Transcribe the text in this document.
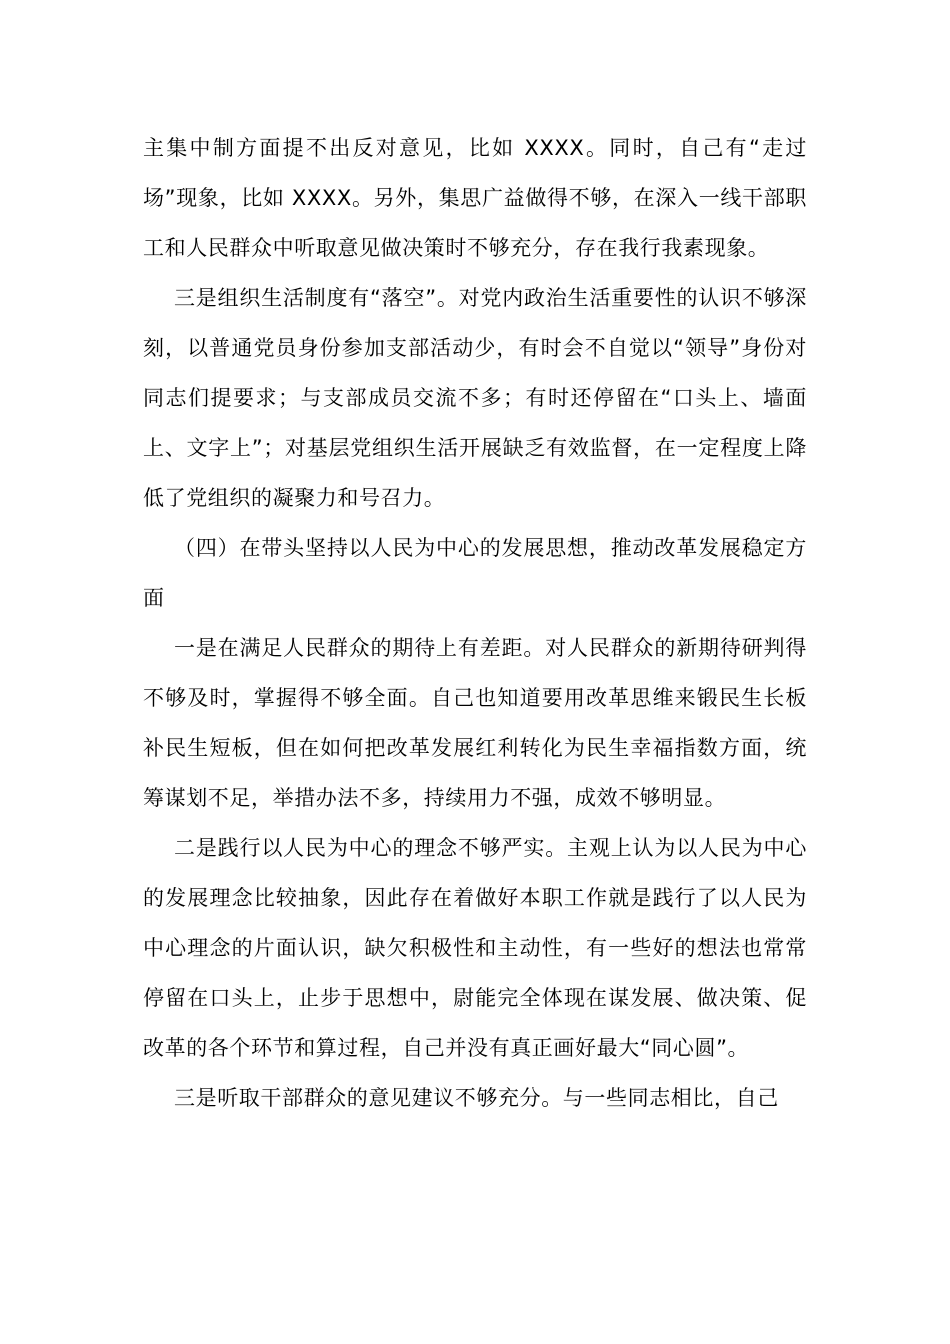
主集中制方面提不出反对意见，比如 XXXX。同时，自己有“走过场”现象，比如 XXXX。另外，集思广益做得不够，在深入一线干部职工和人民群众中听取意见做决策时不够充分，存在我行我素现象。

三是组织生活制度有“落空”。对党内政治生活重要性的认识不够深刻，以普通党员身份参加支部活动少，有时会不自觉以“领导”身份对同志们提要求；与支部成员交流不多；有时还停留在“口头上、墙面上、文字上”；对基层党组织生活开展缺乏有效监督，在一定程度上降低了党组织的凝聚力和号召力。

（四）在带头坚持以人民为中心的发展思想，推动改革发展稳定方面

一是在满足人民群众的期待上有差距。对人民群众的新期待研判得不够及时，掌握得不够全面。自己也知道要用改革思维来锻民生长板补民生短板，但在如何把改革发展红利转化为民生幸福指数方面，统筹谋划不足，举措办法不多，持续用力不强，成效不够明显。

二是践行以人民为中心的理念不够严实。主观上认为以人民为中心的发展理念比较抽象，因此存在着做好本职工作就是践行了以人民为中心理念的片面认识，缺欠积极性和主动性，有一些好的想法也常常停留在口头上，止步于思想中，尉能完全体现在谋发展、做决策、促改革的各个环节和算过程，自己并没有真正画好最大“同心圆”。

三是听取干部群众的意见建议不够充分。与一些同志相比，自己
